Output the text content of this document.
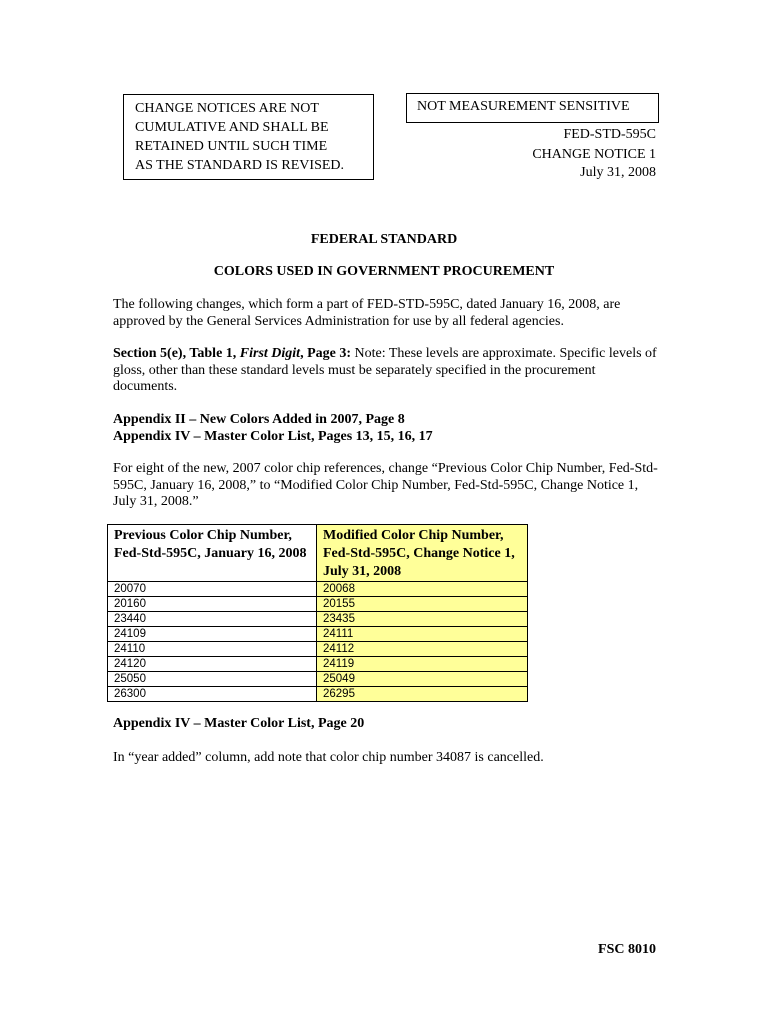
CHANGE NOTICES ARE NOT
CUMULATIVE AND SHALL BE
RETAINED UNTIL SUCH TIME
AS THE STANDARD IS REVISED.
NOT MEASUREMENT SENSITIVE
FED-STD-595C
CHANGE NOTICE 1
July 31, 2008
FEDERAL STANDARD
COLORS USED IN GOVERNMENT PROCUREMENT
The following changes, which form a part of FED-STD-595C, dated January 16, 2008, are approved by the General Services Administration for use by all federal agencies.
Section 5(e), Table 1, First Digit, Page 3: Note: These levels are approximate. Specific levels of gloss, other than these standard levels must be separately specified in the procurement documents.
Appendix II – New Colors Added in 2007, Page 8
Appendix IV – Master Color List, Pages 13, 15, 16, 17
For eight of the new, 2007 color chip references, change “Previous Color Chip Number, Fed-Std-595C, January 16, 2008,” to “Modified Color Chip Number, Fed-Std-595C, Change Notice 1, July 31, 2008.”
Previous Color Chip Number, Fed-Std-595C, January 16, 2008	Modified Color Chip Number, Fed-Std-595C, Change Notice 1, July 31, 2008
20070	20068
20160	20155
23440	23435
24109	24111
24110	24112
24120	24119
25050	25049
26300	26295
Appendix IV – Master Color List, Page 20
In “year added” column, add note that color chip number 34087 is cancelled.
FSC 8010
